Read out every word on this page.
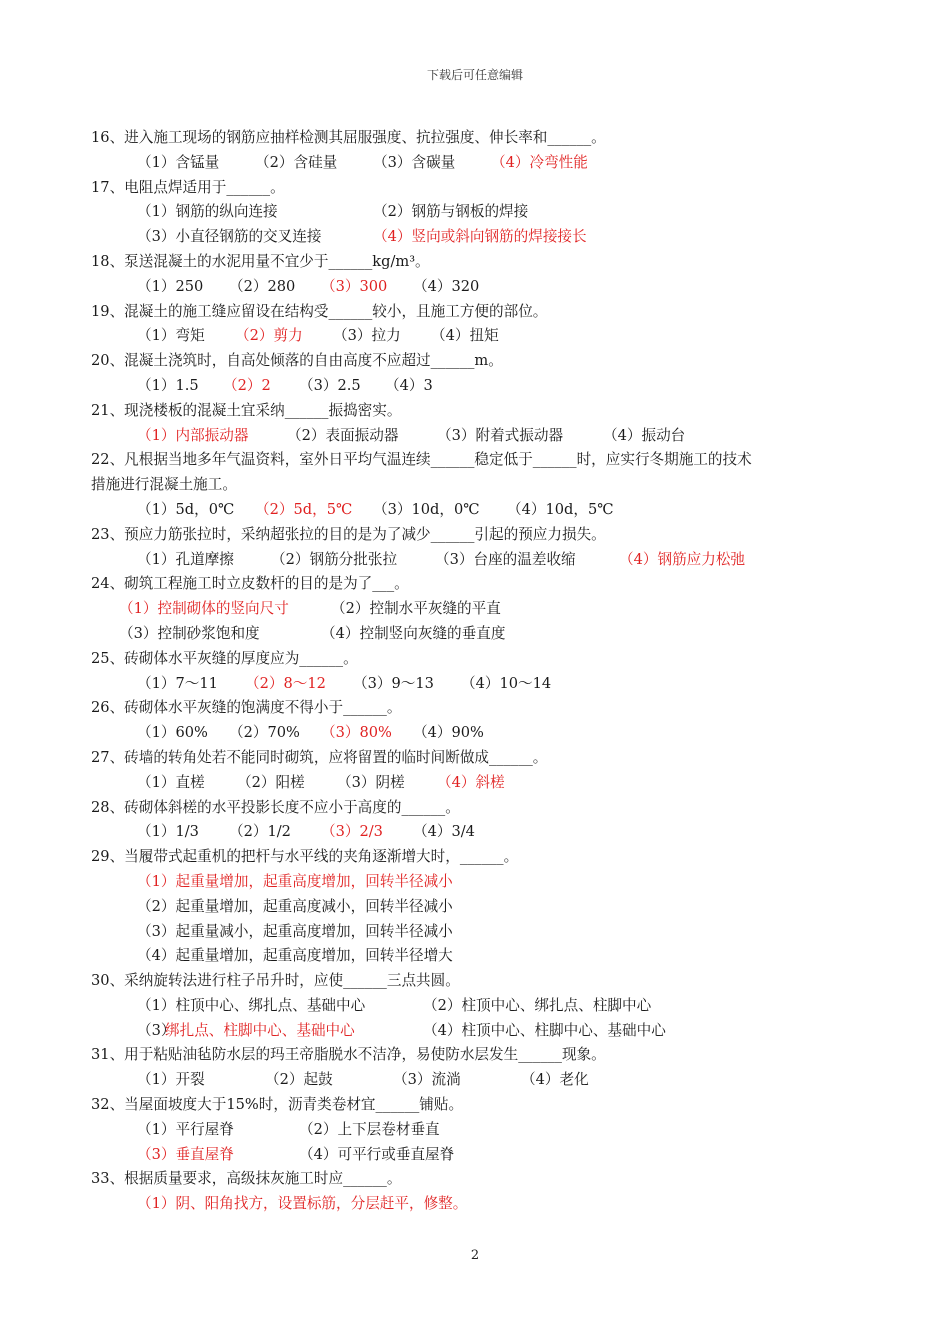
下载后可任意编辑
16、进入施工现场的钢筋应抽样检测其屈服强度、抗拉强度、伸长率和______。
（1）含锰量 （2）含硅量 （3）含碳量 （4）冷弯性能
17、电阻点焊适用于______。
（1）钢筋的纵向连接	（2）钢筋与钢板的焊接
（3）小直径钢筋的交叉连接	（4）竖向或斜向钢筋的焊接接长
18、泵送混凝土的水泥用量不宜少于______kg/m³。
（1）250 （2）280 （3）300 （4）320
19、混凝土的施工缝应留设在结构受______较小，且施工方便的部位。
（1）弯矩 （2）剪力 （3）拉力 （4）扭矩
20、混凝土浇筑时，自高处倾落的自由高度不应超过______m。
（1）1.5 （2）2 （3）2.5 （4）3
21、现浇楼板的混凝土宜采纳______振捣密实。
（1）内部振动器	（2）表面振动器	（3）附着式振动器	（4）振动台
22、凡根据当地多年气温资料，室外日平均气温连续______稳定低于______时，应实行冬期施工的技术
措施进行混凝土施工。
（1）5d，0℃ （2）5d，5℃ （3）10d，0℃ （4）10d，5℃
23、预应力筋张拉时，采纳超张拉的目的是为了减少______引起的预应力损失。
（1）孔道摩擦	（2）钢筋分批张拉	（3）台座的温差收缩	（4）钢筋应力松弛
24、砌筑工程施工时立皮数杆的目的是为了___。
（1）控制砌体的竖向尺寸	（2）控制水平灰缝的平直
（3）控制砂浆饱和度	（4）控制竖向灰缝的垂直度
25、砖砌体水平灰缝的厚度应为______。
（1）7～11 （2）8～12 （3）9～13 （4）10～14
26、砖砌体水平灰缝的饱满度不得小于______。
（1）60% （2）70% （3）80% （4）90%
27、砖墙的转角处若不能同时砌筑，应将留置的临时间断做成______。
（1）直槎 （2）阳槎 （3）阴槎 （4）斜槎
28、砖砌体斜槎的水平投影长度不应小于高度的______。
（1）1/3 （2）1/2 （3）2/3 （4）3/4
29、当履带式起重机的把杆与水平线的夹角逐渐增大时，______。
（1）起重量增加，起重高度增加，回转半径减小
（2）起重量增加，起重高度减小，回转半径减小
（3）起重量减小，起重高度增加，回转半径减小
（4）起重量增加，起重高度增加，回转半径增大
30、采纳旋转法进行柱子吊升时，应使______三点共圆。
（1）柱顶中心、绑扎点、基础中心	（2）柱顶中心、绑扎点、柱脚中心
（3）绑扎点、柱脚中心、基础中心	（4）柱顶中心、柱脚中心、基础中心
31、用于粘贴油毡防水层的玛王帝脂脱水不洁净，易使防水层发生______现象。
（1）开裂	（2）起鼓	（3）流淌	（4）老化
32、当屋面坡度大于15%时，沥青类卷材宜______铺贴。
（1）平行屋脊	（2）上下层卷材垂直
（3）垂直屋脊	（4）可平行或垂直屋脊
33、根据质量要求，高级抹灰施工时应______。
（1）阴、阳角找方，设置标筋，分层赶平，修整。
2
